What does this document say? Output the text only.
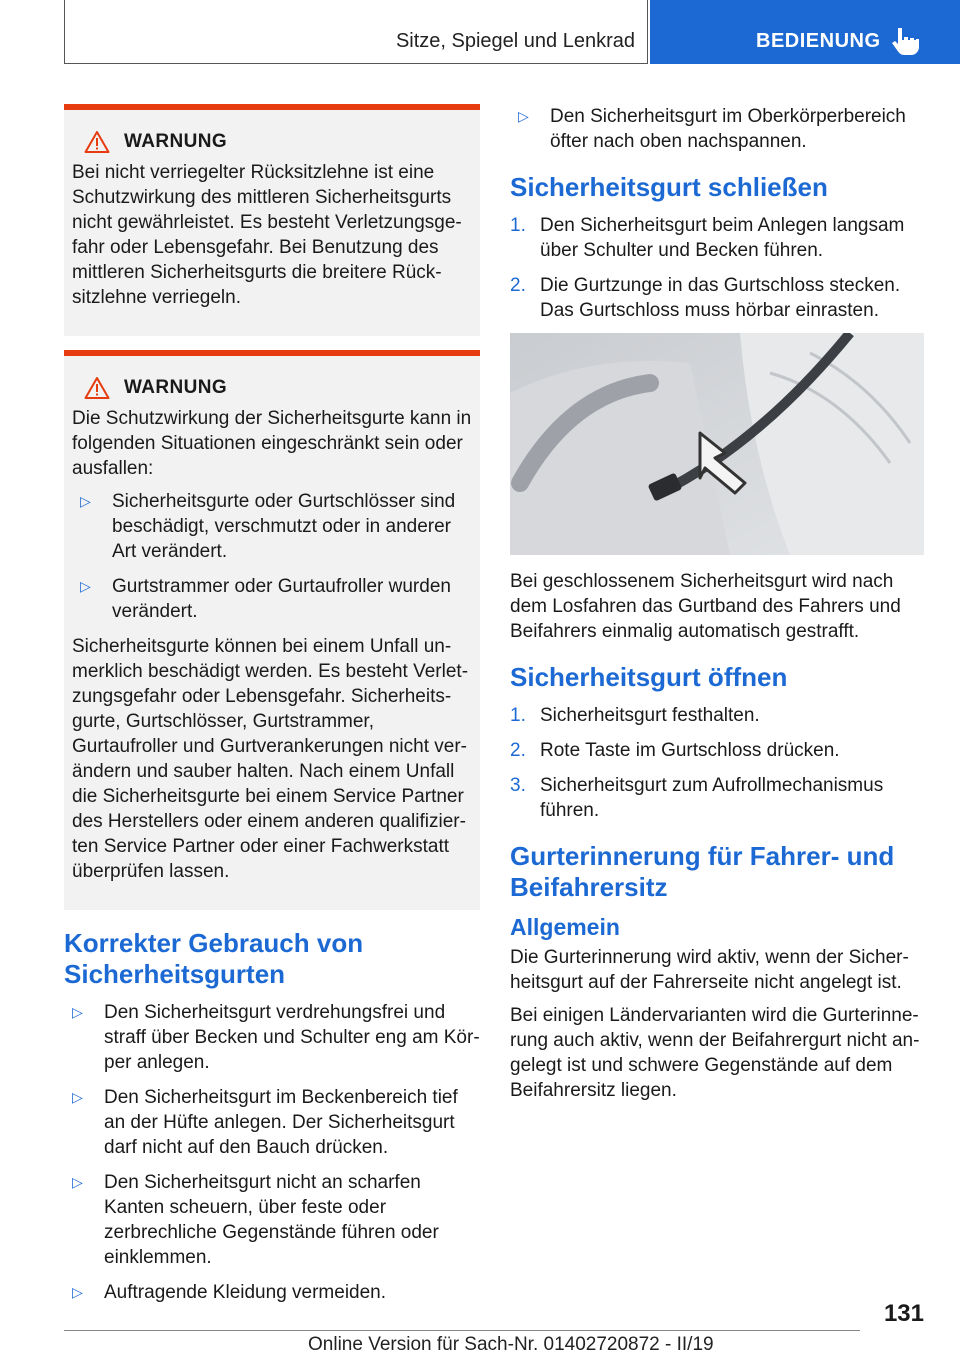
Sitze, Spiegel und Lenkrad	BEDIENUNG
WARNUNG

Bei nicht verriegelter Rücksitzlehne ist eine Schutzwirkung des mittleren Sicherheitsgurts nicht gewährleistet. Es besteht Verletzungsgefahr oder Lebensgefahr. Bei Benutzung des mittleren Sicherheitsgurts die breitere Rücksitzlehne verriegeln.

WARNUNG

Die Schutzwirkung der Sicherheitsgurte kann in folgenden Situationen eingeschränkt sein oder ausfallen:

▷	Sicherheitsgurte oder Gurtschlösser sind beschädigt, verschmutzt oder in anderer Art verändert.
▷	Gurtstrammer oder Gurtaufroller wurden verändert.

Sicherheitsgurte können bei einem Unfall unmerklich beschädigt werden. Es besteht Verletzungsgefahr oder Lebensgefahr. Sicherheitsgurte, Gurtschlösser, Gurtstrammer, Gurtaufroller und Gurtverankerungen nicht verändern und sauber halten. Nach einem Unfall die Sicherheitsgurte bei einem Service Partner des Herstellers oder einem anderen qualifizierten Service Partner oder einer Fachwerkstatt überprüfen lassen.

Korrekter Gebrauch von Sicherheitsgurten
▷	Den Sicherheitsgurt verdrehungsfrei und straff über Becken und Schulter eng am Körper anlegen.
▷	Den Sicherheitsgurt im Beckenbereich tief an der Hüfte anlegen. Der Sicherheitsgurt darf nicht auf den Bauch drücken.
▷	Den Sicherheitsgurt nicht an scharfen Kanten scheuern, über feste oder zerbrechliche Gegenstände führen oder einklemmen.
▷	Auftragende Kleidung vermeiden.
▷	Den Sicherheitsgurt im Oberkörperbereich öfter nach oben nachspannen.
Sicherheitsgurt schließen
1. Den Sicherheitsgurt beim Anlegen langsam über Schulter und Becken führen.
2. Die Gurtzunge in das Gurtschloss stecken. Das Gurtschloss muss hörbar einrasten.

Bei geschlossenem Sicherheitsgurt wird nach dem Losfahren das Gurtband des Fahrers und Beifahrers einmalig automatisch gestrafft.

Sicherheitsgurt öffnen
1. Sicherheitsgurt festhalten.
2. Rote Taste im Gurtschloss drücken.
3. Sicherheitsgurt zum Aufrollmechanismus führen.
Gurterinnerung für Fahrer- und Beifahrersitz
Allgemein

Die Gurterinnerung wird aktiv, wenn der Sicherheitsgurt auf der Fahrerseite nicht angelegt ist.

Bei einigen Ländervarianten wird die Gurterinnerung auch aktiv, wenn der Beifahrergurt nicht angelegt ist und schwere Gegenstände auf dem Beifahrersitz liegen.

131
Online Version für Sach-Nr. 01402720872 - II/19
